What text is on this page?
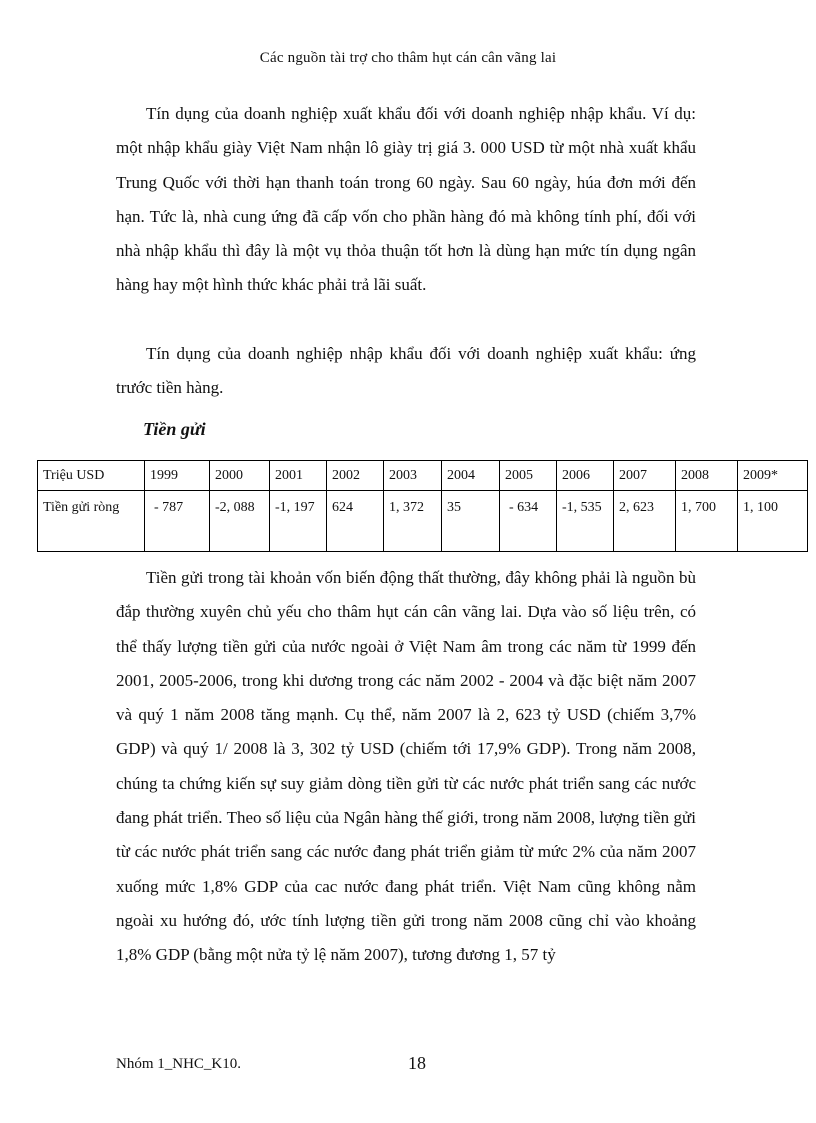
Các nguồn tài trợ cho thâm hụt cán cân vãng lai

Tín dụng của doanh nghiệp xuất khẩu đối với doanh nghiệp nhập khẩu. Ví dụ: một nhập khẩu giày Việt Nam nhận lô giày trị giá 3. 000 USD từ một nhà xuất khẩu Trung Quốc với thời hạn thanh toán trong 60 ngày. Sau 60 ngày, húa đơn mới đến hạn. Tức là, nhà cung ứng đã cấp vốn cho phần hàng đó mà không tính phí, đối với nhà nhập khẩu thì đây là một vụ thỏa thuận tốt hơn là dùng hạn mức tín dụng ngân hàng hay một hình thức khác phải trả lãi suất.

Tín dụng của doanh nghiệp nhập khẩu đối với doanh nghiệp xuất khẩu: ứng trước tiền hàng.

Tiền gửi

Triệu USD	1999	2000	2001	2002	2003	2004	2005	2006	2007	2008	2009*
Tiền gửi ròng	- 787	-2, 088	-1, 197	624	1, 372	35	- 634	-1, 535	2, 623	1, 700	1, 100

Tiền gửi trong tài khoản vốn biến động thất thường, đây không phải là nguồn bù đắp thường xuyên chủ yếu cho thâm hụt cán cân vãng lai. Dựa vào số liệu trên, có thể thấy lượng tiền gửi của nước ngoài ở Việt Nam âm trong các năm từ 1999 đến 2001, 2005-2006, trong khi dương trong các năm 2002 - 2004 và đặc biệt năm 2007 và quý 1 năm 2008 tăng mạnh. Cụ thể, năm 2007 là 2, 623 tỷ USD (chiếm 3,7% GDP) và quý 1/ 2008 là 3, 302 tỷ USD (chiếm tới 17,9% GDP). Trong năm 2008, chúng ta chứng kiến sự suy giảm dòng tiền gửi từ các nước phát triển sang các nước đang phát triển. Theo số liệu của Ngân hàng thế giới, trong năm 2008, lượng tiền gửi từ các nước phát triển sang các nước đang phát triển giảm từ mức 2% của năm 2007 xuống mức 1,8% GDP của cac nước đang phát triển. Việt Nam cũng không nằm ngoài xu hướng đó, ước tính lượng tiền gửi trong năm 2008 cũng chỉ vào khoảng 1,8% GDP (bằng một nửa tỷ lệ năm 2007), tương đương 1, 57 tỷ

Nhóm 1_NHC_K10.	18
